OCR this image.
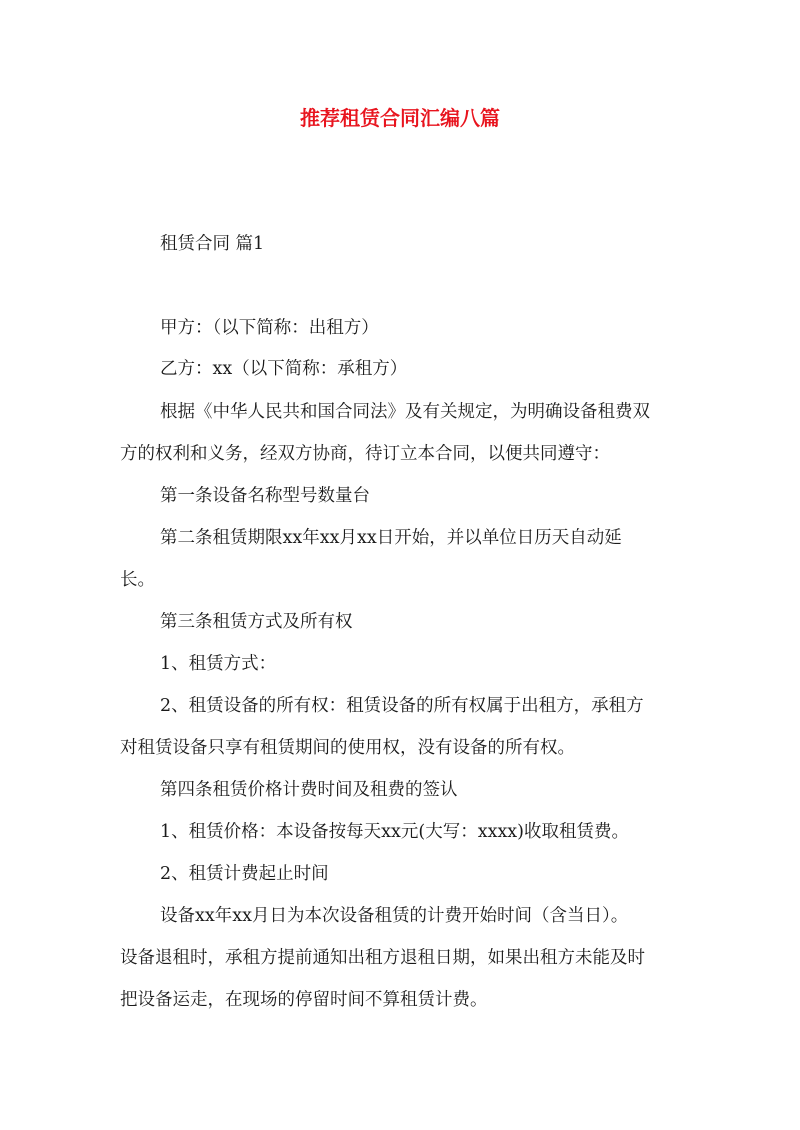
推荐租赁合同汇编八篇
租赁合同 篇1
甲方：（以下简称：出租方）
乙方：xx（以下简称：承租方）
根据《中华人民共和国合同法》及有关规定，为明确设备租费双
方的权利和义务，经双方协商，待订立本合同，以便共同遵守：
第一条设备名称型号数量台
第二条租赁期限xx年xx月xx日开始，并以单位日历天自动延
长。
第三条租赁方式及所有权
1、租赁方式：
2、租赁设备的所有权：租赁设备的所有权属于出租方，承租方
对租赁设备只享有租赁期间的使用权，没有设备的所有权。
第四条租赁价格计费时间及租费的签认
1、租赁价格：本设备按每天xx元(大写：xxxx)收取租赁费。
2、租赁计费起止时间
设备xx年xx月日为本次设备租赁的计费开始时间（含当日）。
设备退租时，承租方提前通知出租方退租日期，如果出租方未能及时
把设备运走，在现场的停留时间不算租赁计费。
